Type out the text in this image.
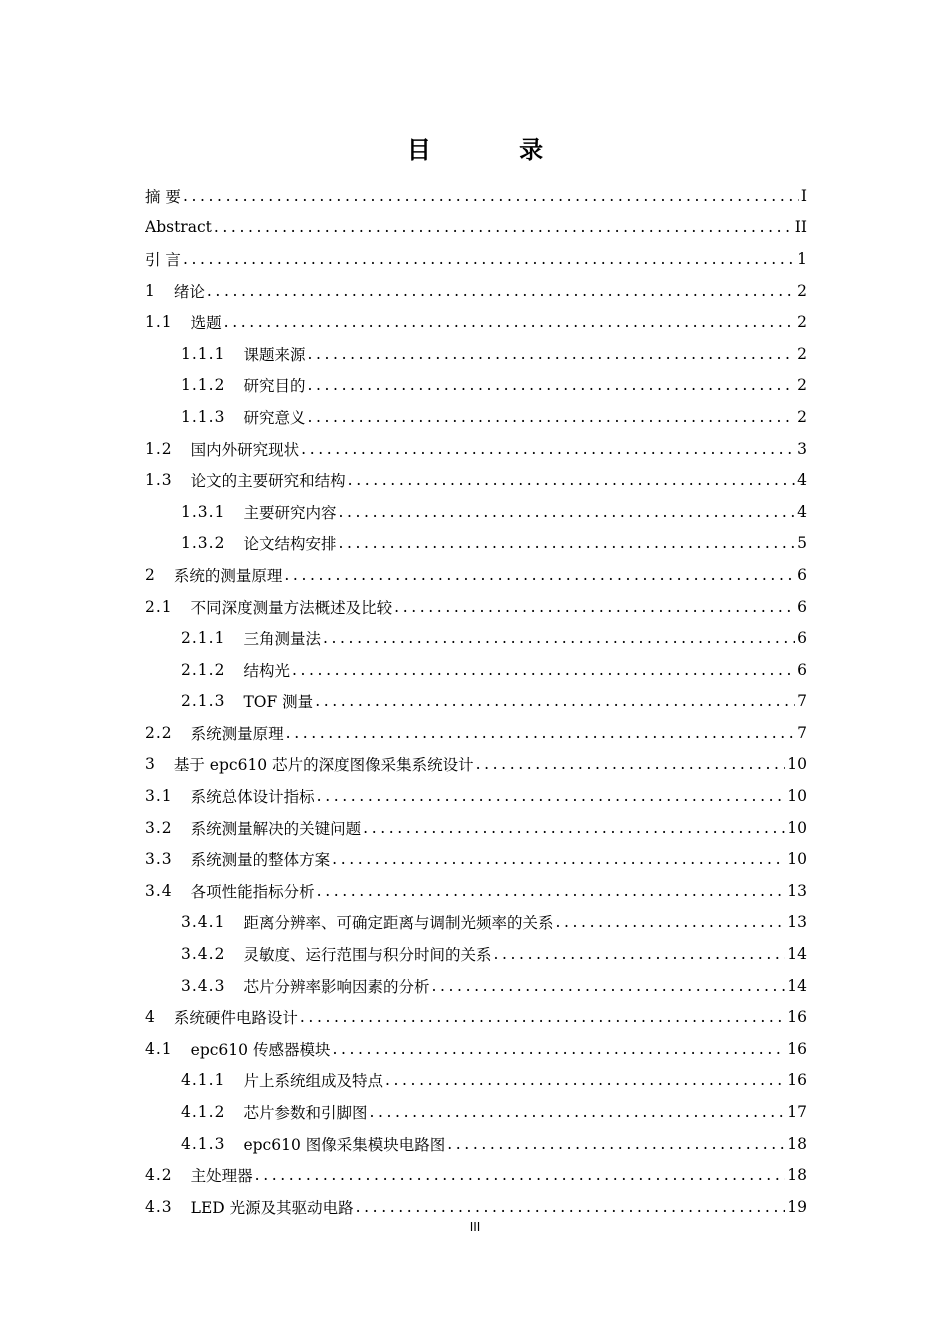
目 录
摘 要 .....	I
Abstract .....	II
引 言 .....	1
1 绪论 .....	2
1.1 选题 .....	2
1.1.1 课题来源 .....	2
1.1.2 研究目的 .....	2
1.1.3 研究意义 .....	2
1.2 国内外研究现状 .....	3
1.3 论文的主要研究和结构 .....	4
1.3.1 主要研究内容 .....	4
1.3.2 论文结构安排 .....	5
2 系统的测量原理 .....	6
2.1 不同深度测量方法概述及比较 .....	6
2.1.1 三角测量法 .....	6
2.1.2 结构光 .....	6
2.1.3 TOF 测量 .....	7
2.2 系统测量原理 .....	7
3 基于 epc610 芯片的深度图像采集系统设计 .....	10
3.1 系统总体设计指标 .....	10
3.2 系统测量解决的关键问题 .....	10
3.3 系统测量的整体方案 .....	10
3.4 各项性能指标分析 .....	13
3.4.1 距离分辨率、可确定距离与调制光频率的关系 .....	13
3.4.2 灵敏度、运行范围与积分时间的关系 .....	14
3.4.3 芯片分辨率影响因素的分析 .....	14
4 系统硬件电路设计 .....	16
4.1 epc610 传感器模块 .....	16
4.1.1 片上系统组成及特点 .....	16
4.1.2 芯片参数和引脚图 .....	17
4.1.3 epc610 图像采集模块电路图 .....	18
4.2 主处理器 .....	18
4.3 LED 光源及其驱动电路 .....	19
III
